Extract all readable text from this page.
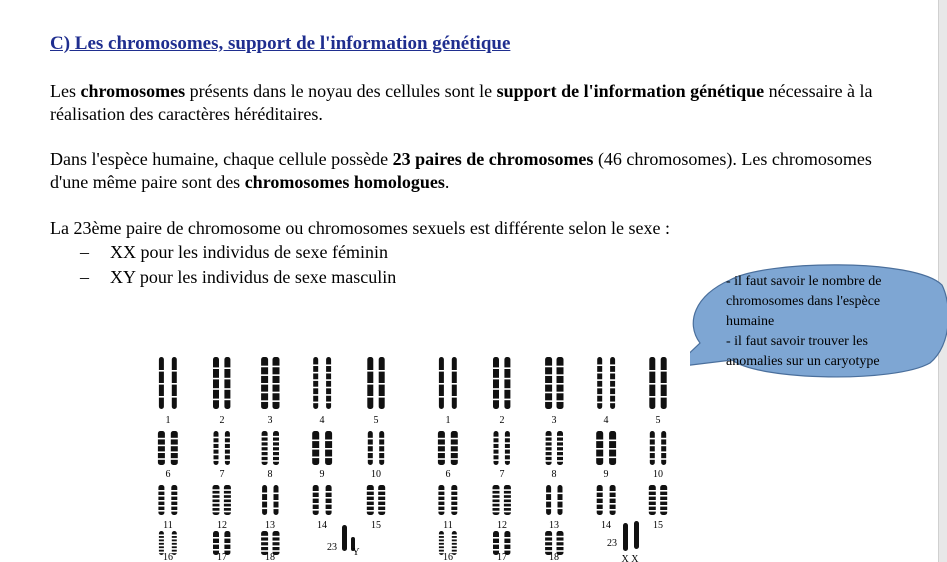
C) Les chromosomes, support de l'information génétique
Les chromosomes présents dans le noyau des cellules sont le support de l'information génétique nécessaire à la réalisation des caractères héréditaires.
Dans l'espèce humaine, chaque cellule possède 23 paires de chromosomes (46 chromosomes). Les chromosomes d'une même paire sont des chromosomes homologues.
La 23ème paire de chromosome ou chromosomes sexuels est différente selon le sexe :
– XX pour les individus de sexe féminin
– XY pour les individus de sexe masculin	- il faut savoir le nombre de chromosomes dans l'espèce humaine
- il faut savoir trouver les anomalies sur un caryotype
1	1
2	2
3	3
4	4
5	5
6	6
7	7
8	8
9	9
10	10
11	11
12	12
13	13
14	14
15	15
16	16
17	17
18	18
23 Y
23
X X
